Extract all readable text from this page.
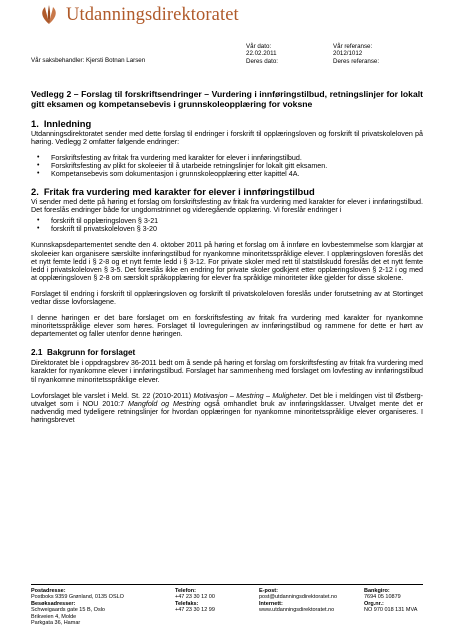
Utdanningsdirektoratet
Vår saksbehandler: Kjersti Botnan Larsen
Vår dato:
22.02.2011
Deres dato:
Vår referanse:
2012/1012
Deres referanse:
Vedlegg 2 – Forslag til forskriftsendringer – Vurdering i innføringstilbud, retningslinjer for lokalt gitt eksamen og kompetansebevis i grunnskoleopplæring for voksne
1. Innledning

Utdanningsdirektoratet sender med dette forslag til endringer i forskrift til opplæringsloven og forskrift til privatskoleloven på høring. Vedlegg 2 omfatter følgende endringer:

• Forskriftsfesting av fritak fra vurdering med karakter for elever i innføringstilbud.
• Forskriftsfesting av plikt for skoleeier til å utarbeide retningslinjer for lokalt gitt eksamen.
• Kompetansebevis som dokumentasjon i grunnskoleopplæring etter kapittel 4A.
2. Fritak fra vurdering med karakter for elever i innføringstilbud

Vi sender med dette på høring et forslag om forskriftsfesting av fritak fra vurdering med karakter for elever i innføringstilbud. Det foreslås endringer både for ungdomstrinnet og videregående opplæring. Vi foreslår endringer i

• forskrift til opplæringsloven § 3-21
• forskrift til privatskoleloven § 3-20

Kunnskapsdepartementet sendte den 4. oktober 2011 på høring et forslag om å innføre en lovbestemmelse som klargjør at skoleeier kan organisere særskilte innføringstilbud for nyankomne minoritetsspråklige elever. I opplæringsloven foreslås det et nytt femte ledd i § 2-8 og et nytt femte ledd i § 3-12. For private skoler med rett til statstilskudd foreslås det et nytt femte ledd i privatskoleloven § 3-5. Det foreslås ikke en endring for private skoler godkjent etter opplæringsloven § 2-12 i og med at opplæringsloven § 2-8 om særskilt språkopplæring for elever fra språklige minoriteter ikke gjelder for disse skolene.

Forslaget til endring i forskrift til opplæringsloven og forskrift til privatskoleloven foreslås under forutsetning av at Stortinget vedtar disse lovforslagene.

I denne høringen er det bare forslaget om en forskriftsfesting av fritak fra vurdering med karakter for nyankomne minoritetsspråklige elever som høres. Forslaget til lovreguleringen av innføringstilbud og rammene for dette er hørt av departementet og faller utenfor denne høringen.

2.1 Bakgrunn for forslaget

Direktoratet ble i oppdragsbrev 36-2011 bedt om å sende på høring et forslag om forskriftsfesting av fritak fra vurdering med karakter for nyankomne elever i innføringstilbud. Forslaget har sammenheng med forslaget om lovfesting av innføringstilbud til nyankomne minoritetsspråklige elever.

Lovforslaget ble varslet i Meld. St. 22 (2010-2011) Motivasjon – Mestring – Muligheter. Det ble i meldingen vist til Østberg-utvalget som i NOU 2010:7 Mangfold og Mestring også omhandlet bruk av innføringsklasser. Utvalget mente det er nødvendig med tydeligere retningslinjer for hvordan opplæringen for nyankomne minoritetsspråklige elever organiseres. I høringsbrevet

Postadresse:
Postboks 9359 Grønland, 0135 OSLO
Besøksadresser:
Schweigaards gate 15 B, Oslo
Brikveien 4, Molde
Parkgata 36, Hamar
Telefon:
+47 23 30 12 00
Telefaks:
+47 23 30 12 99
E-post:
post@utdanningsdirektoratet.no
Internett:
www.utdanningsdirektoratet.no
Bankgiro:
7694 05 10879
Org.nr.:
NO 970 018 131 MVA
